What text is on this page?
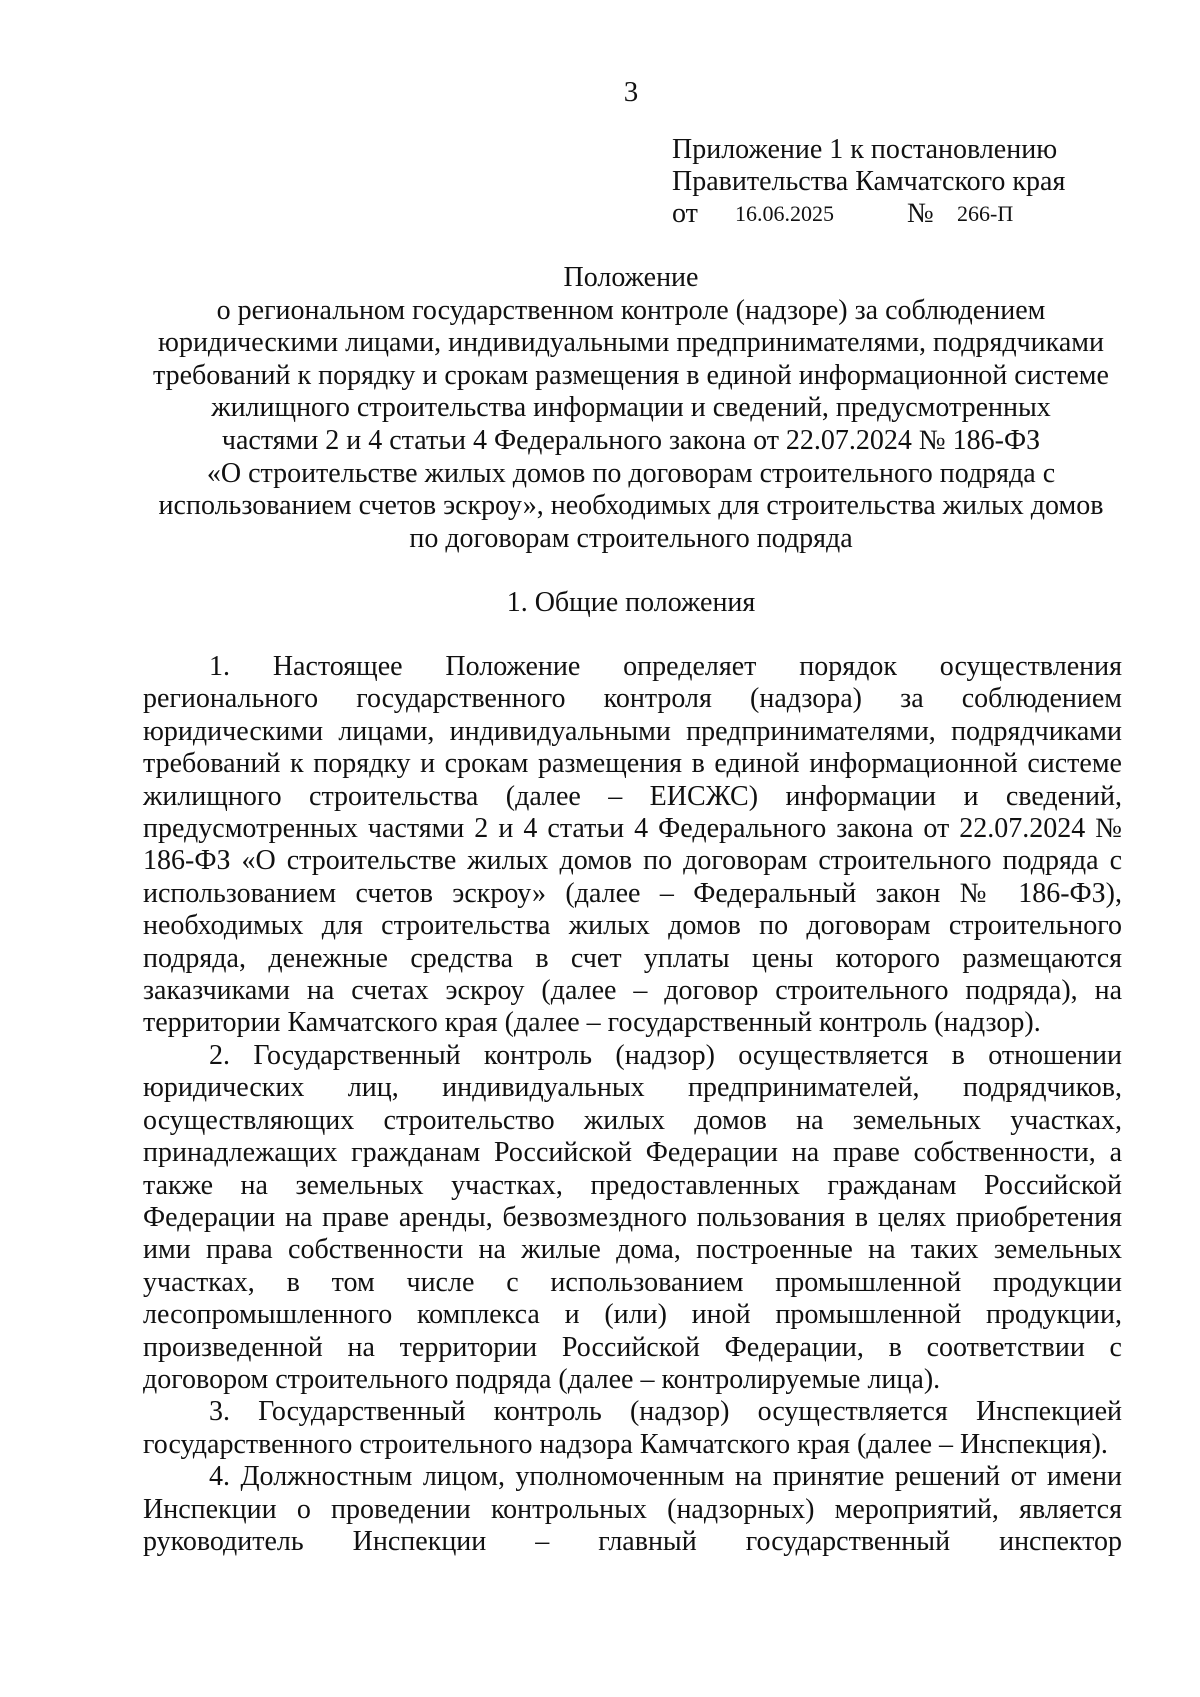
3
Приложение 1 к постановлению
Правительства Камчатского края
от 16.06.2025	№ 266-П
Положение
о региональном государственном контроле (надзоре) за соблюдением
юридическими лицами, индивидуальными предпринимателями, подрядчиками
требований к порядку и срокам размещения в единой информационной системе
жилищного строительства информации и сведений, предусмотренных
частями 2 и 4 статьи 4 Федерального закона от 22.07.2024 № 186-ФЗ
«О строительстве жилых домов по договорам строительного подряда с
использованием счетов эскроу», необходимых для строительства жилых домов
по договорам строительного подряда
1. Общие положения

1. Настоящее Положение определяет порядок осуществления регионального государственного контроля (надзора) за соблюдением юридическими лицами, индивидуальными предпринимателями, подрядчиками требований к порядку и срокам размещения в единой информационной системе жилищного строительства (далее – ЕИСЖС) информации и сведений, предусмотренных частями 2 и 4 статьи 4 Федерального закона от 22.07.2024 № 186-ФЗ «О строительстве жилых домов по договорам строительного подряда с использованием счетов эскроу» (далее – Федеральный закон № 186-ФЗ), необходимых для строительства жилых домов по договорам строительного подряда, денежные средства в счет уплаты цены которого размещаются заказчиками на счетах эскроу (далее – договор строительного подряда), на территории Камчатского края (далее – государственный контроль (надзор).

2. Государственный контроль (надзор) осуществляется в отношении юридических лиц, индивидуальных предпринимателей, подрядчиков, осуществляющих строительство жилых домов на земельных участках, принадлежащих гражданам Российской Федерации на праве собственности, а также на земельных участках, предоставленных гражданам Российской Федерации на праве аренды, безвозмездного пользования в целях приобретения ими права собственности на жилые дома, построенные на таких земельных участках, в том числе с использованием промышленной продукции лесопромышленного комплекса и (или) иной промышленной продукции, произведенной на территории Российской Федерации, в соответствии с договором строительного подряда (далее – контролируемые лица).

3. Государственный контроль (надзор) осуществляется Инспекцией государственного строительного надзора Камчатского края (далее – Инспекция).

4. Должностным лицом, уполномоченным на принятие решений от имени Инспекции о проведении контрольных (надзорных) мероприятий, является руководитель Инспекции – главный государственный инспектор
